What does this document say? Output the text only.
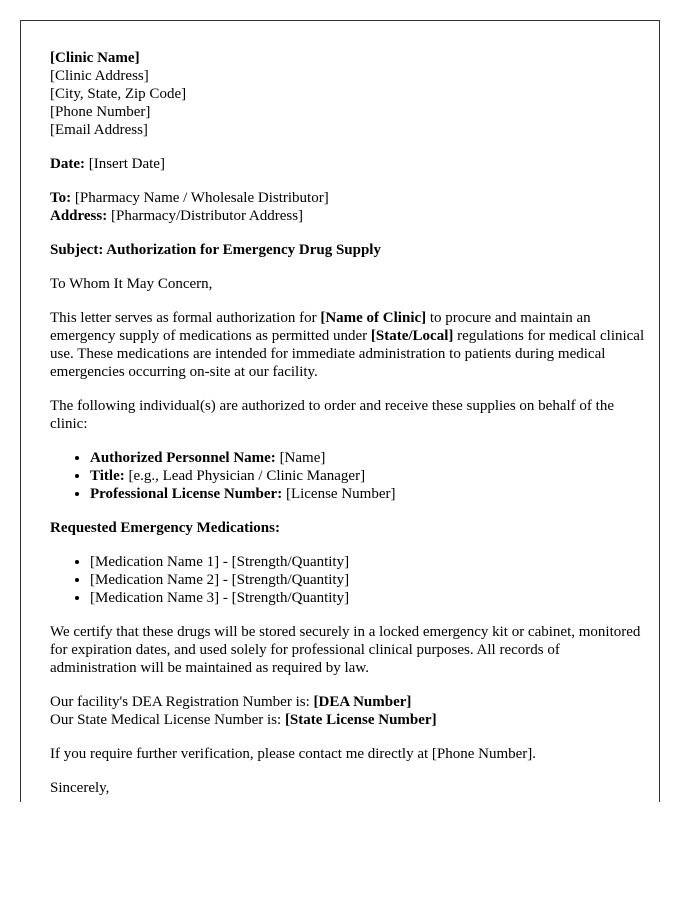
[Clinic Name]
[Clinic Address]
[City, State, Zip Code]
[Phone Number]
[Email Address]

Date: [Insert Date]

To: [Pharmacy Name / Wholesale Distributor]
Address: [Pharmacy/Distributor Address]

Subject: Authorization for Emergency Drug Supply

To Whom It May Concern,

This letter serves as formal authorization for [Name of Clinic] to procure and maintain an emergency supply of medications as permitted under [State/Local] regulations for medical clinical use. These medications are intended for immediate administration to patients during medical emergencies occurring on-site at our facility.

The following individual(s) are authorized to order and receive these supplies on behalf of the clinic:

• Authorized Personnel Name: [Name]
• Title: [e.g., Lead Physician / Clinic Manager]
• Professional License Number: [License Number]

Requested Emergency Medications:

• [Medication Name 1] - [Strength/Quantity]
• [Medication Name 2] - [Strength/Quantity]
• [Medication Name 3] - [Strength/Quantity]

We certify that these drugs will be stored securely in a locked emergency kit or cabinet, monitored for expiration dates, and used solely for professional clinical purposes. All records of administration will be maintained as required by law.

Our facility's DEA Registration Number is: [DEA Number]
Our State Medical License Number is: [State License Number]

If you require further verification, please contact me directly at [Phone Number].

Sincerely,
